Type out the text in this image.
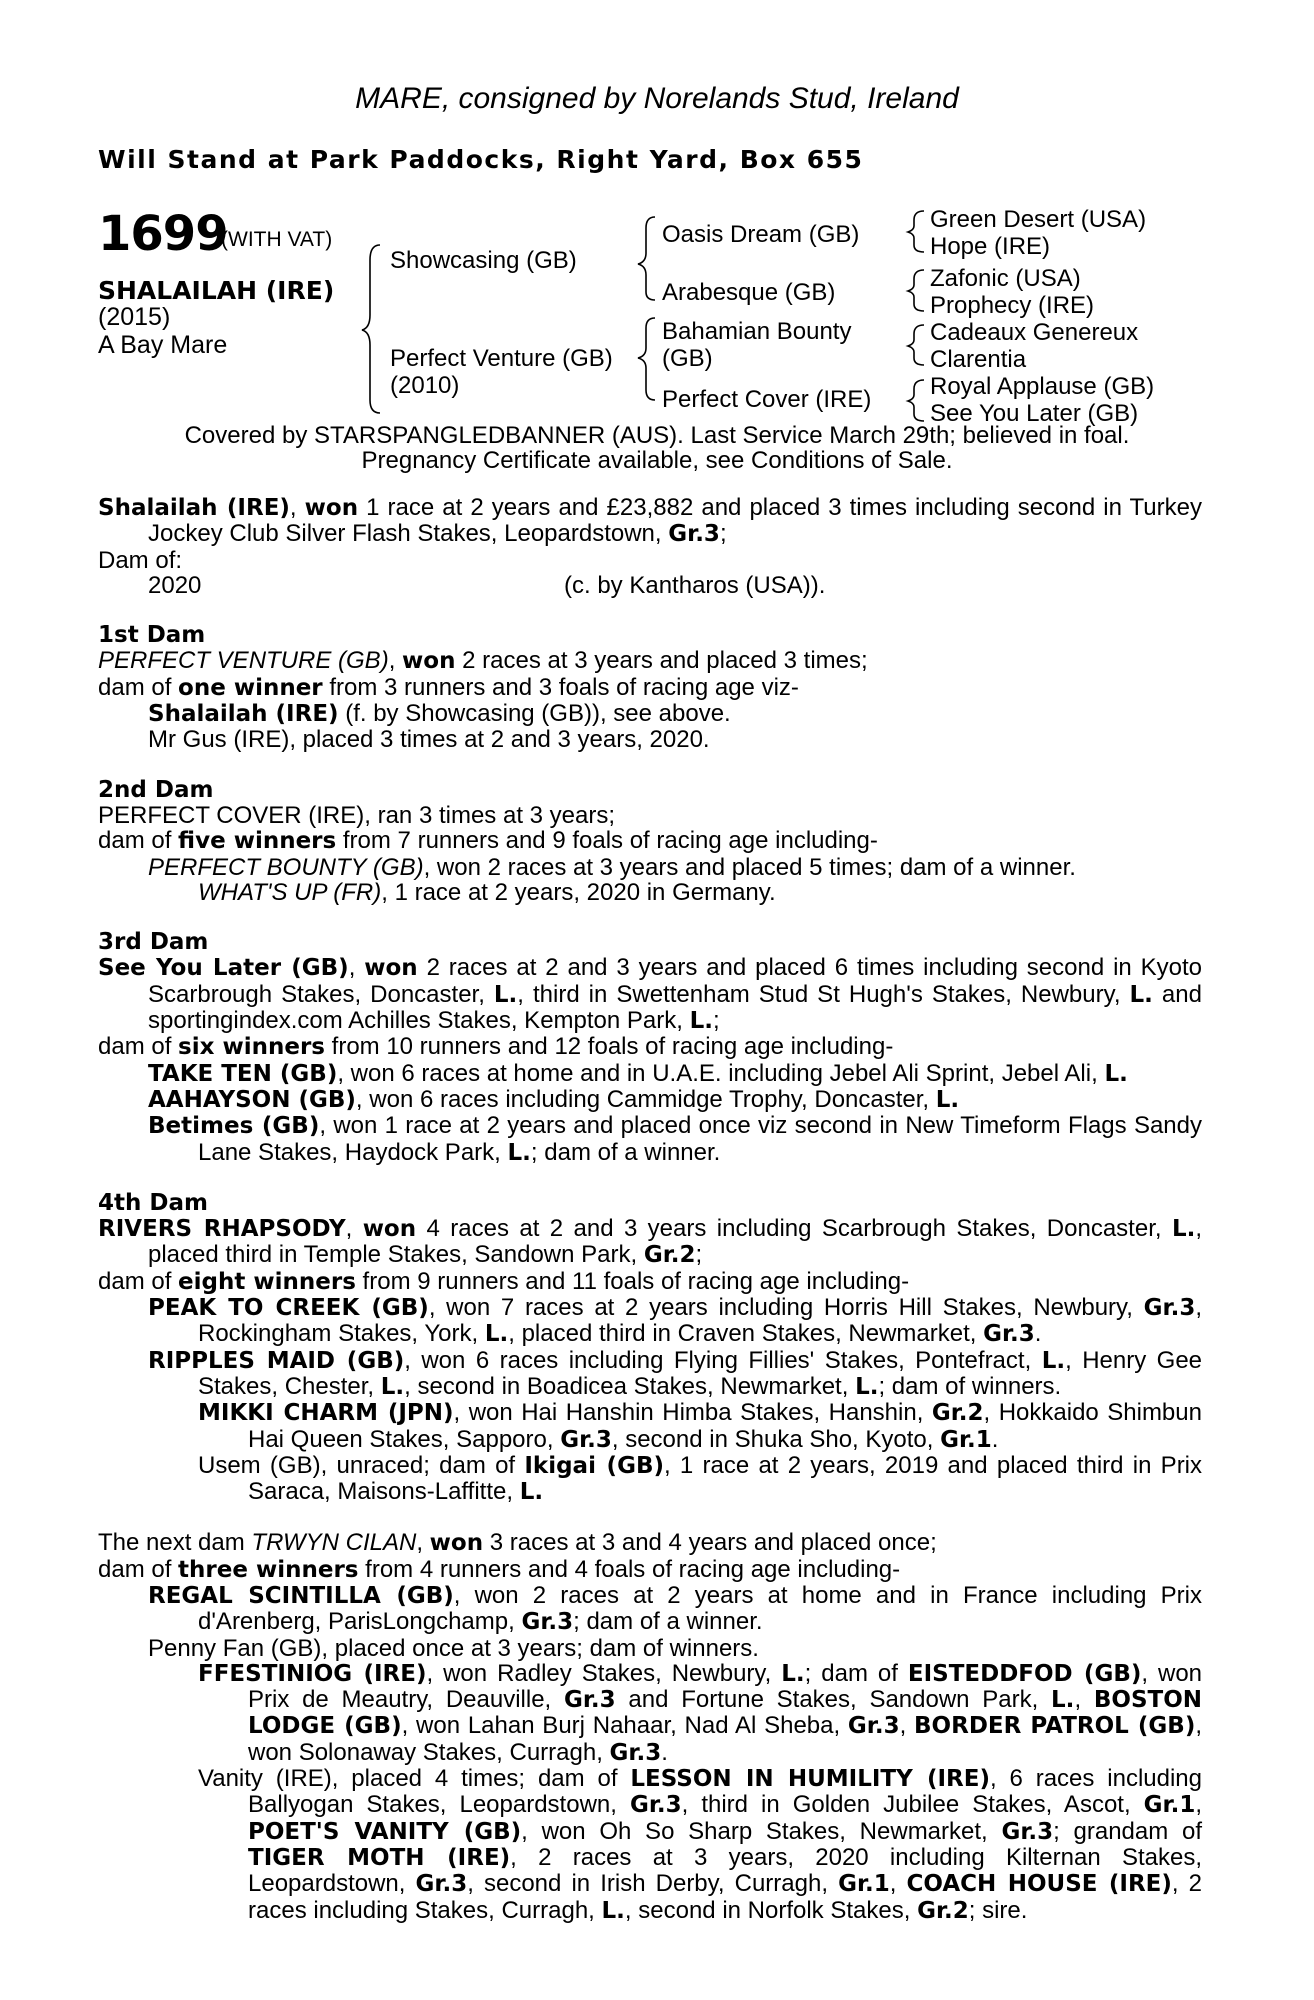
MARE, consigned by Norelands Stud, Ireland
Will Stand at Park Paddocks, Right Yard, Box 655
1699
(WITH VAT)
SHALAILAH (IRE)
(2015)
A Bay Mare
Showcasing (GB)
Perfect Venture (GB)
(2010)
Oasis Dream (GB)
Arabesque (GB)
Bahamian Bounty
(GB)
Perfect Cover (IRE)
Green Desert (USA)
Hope (IRE)
Zafonic (USA)
Prophecy (IRE)
Cadeaux Genereux
Clarentia
Royal Applause (GB)
See You Later (GB)
Covered by STARSPANGLEDBANNER (AUS). Last Service March 29th; believed in foal.
Pregnancy Certificate available, see Conditions of Sale.

Shalailah (IRE), won 1 race at 2 years and £23,882 and placed 3 times including second in Turkey Jockey Club Silver Flash Stakes, Leopardstown, Gr.3;

Dam of:

2020	(c. by Kantharos (USA)).

1st Dam

PERFECT VENTURE (GB), won 2 races at 3 years and placed 3 times;

dam of one winner from 3 runners and 3 foals of racing age viz-

Shalailah (IRE) (f. by Showcasing (GB)), see above.

Mr Gus (IRE), placed 3 times at 2 and 3 years, 2020.

2nd Dam

PERFECT COVER (IRE), ran 3 times at 3 years;

dam of five winners from 7 runners and 9 foals of racing age including-

PERFECT BOUNTY (GB), won 2 races at 3 years and placed 5 times; dam of a winner.

WHAT'S UP (FR), 1 race at 2 years, 2020 in Germany.

3rd Dam

See You Later (GB), won 2 races at 2 and 3 years and placed 6 times including second in Kyoto Scarbrough Stakes, Doncaster, L., third in Swettenham Stud St Hugh's Stakes, Newbury, L. and sportingindex.com Achilles Stakes, Kempton Park, L.;

dam of six winners from 10 runners and 12 foals of racing age including-

TAKE TEN (GB), won 6 races at home and in U.A.E. including Jebel Ali Sprint, Jebel Ali, L.

AAHAYSON (GB), won 6 races including Cammidge Trophy, Doncaster, L.

Betimes (GB), won 1 race at 2 years and placed once viz second in New Timeform Flags Sandy Lane Stakes, Haydock Park, L.; dam of a winner.

4th Dam

RIVERS RHAPSODY, won 4 races at 2 and 3 years including Scarbrough Stakes, Doncaster, L., placed third in Temple Stakes, Sandown Park, Gr.2;

dam of eight winners from 9 runners and 11 foals of racing age including-

PEAK TO CREEK (GB), won 7 races at 2 years including Horris Hill Stakes, Newbury, Gr.3, Rockingham Stakes, York, L., placed third in Craven Stakes, Newmarket, Gr.3.

RIPPLES MAID (GB), won 6 races including Flying Fillies' Stakes, Pontefract, L., Henry Gee Stakes, Chester, L., second in Boadicea Stakes, Newmarket, L.; dam of winners.

MIKKI CHARM (JPN), won Hai Hanshin Himba Stakes, Hanshin, Gr.2, Hokkaido Shimbun Hai Queen Stakes, Sapporo, Gr.3, second in Shuka Sho, Kyoto, Gr.1.

Usem (GB), unraced; dam of Ikigai (GB), 1 race at 2 years, 2019 and placed third in Prix Saraca, Maisons-Laffitte, L.

The next dam TRWYN CILAN, won 3 races at 3 and 4 years and placed once;

dam of three winners from 4 runners and 4 foals of racing age including-

REGAL SCINTILLA (GB), won 2 races at 2 years at home and in France including Prix d'Arenberg, ParisLongchamp, Gr.3; dam of a winner.

Penny Fan (GB), placed once at 3 years; dam of winners.

FFESTINIOG (IRE), won Radley Stakes, Newbury, L.; dam of EISTEDDFOD (GB), won Prix de Meautry, Deauville, Gr.3 and Fortune Stakes, Sandown Park, L., BOSTON LODGE (GB), won Lahan Burj Nahaar, Nad Al Sheba, Gr.3, BORDER PATROL (GB), won Solonaway Stakes, Curragh, Gr.3.

Vanity (IRE), placed 4 times; dam of LESSON IN HUMILITY (IRE), 6 races including Ballyogan Stakes, Leopardstown, Gr.3, third in Golden Jubilee Stakes, Ascot, Gr.1, POET'S VANITY (GB), won Oh So Sharp Stakes, Newmarket, Gr.3; grandam of TIGER MOTH (IRE), 2 races at 3 years, 2020 including Kilternan Stakes, Leopardstown, Gr.3, second in Irish Derby, Curragh, Gr.1, COACH HOUSE (IRE), 2 races including Stakes, Curragh, L., second in Norfolk Stakes, Gr.2; sire.
